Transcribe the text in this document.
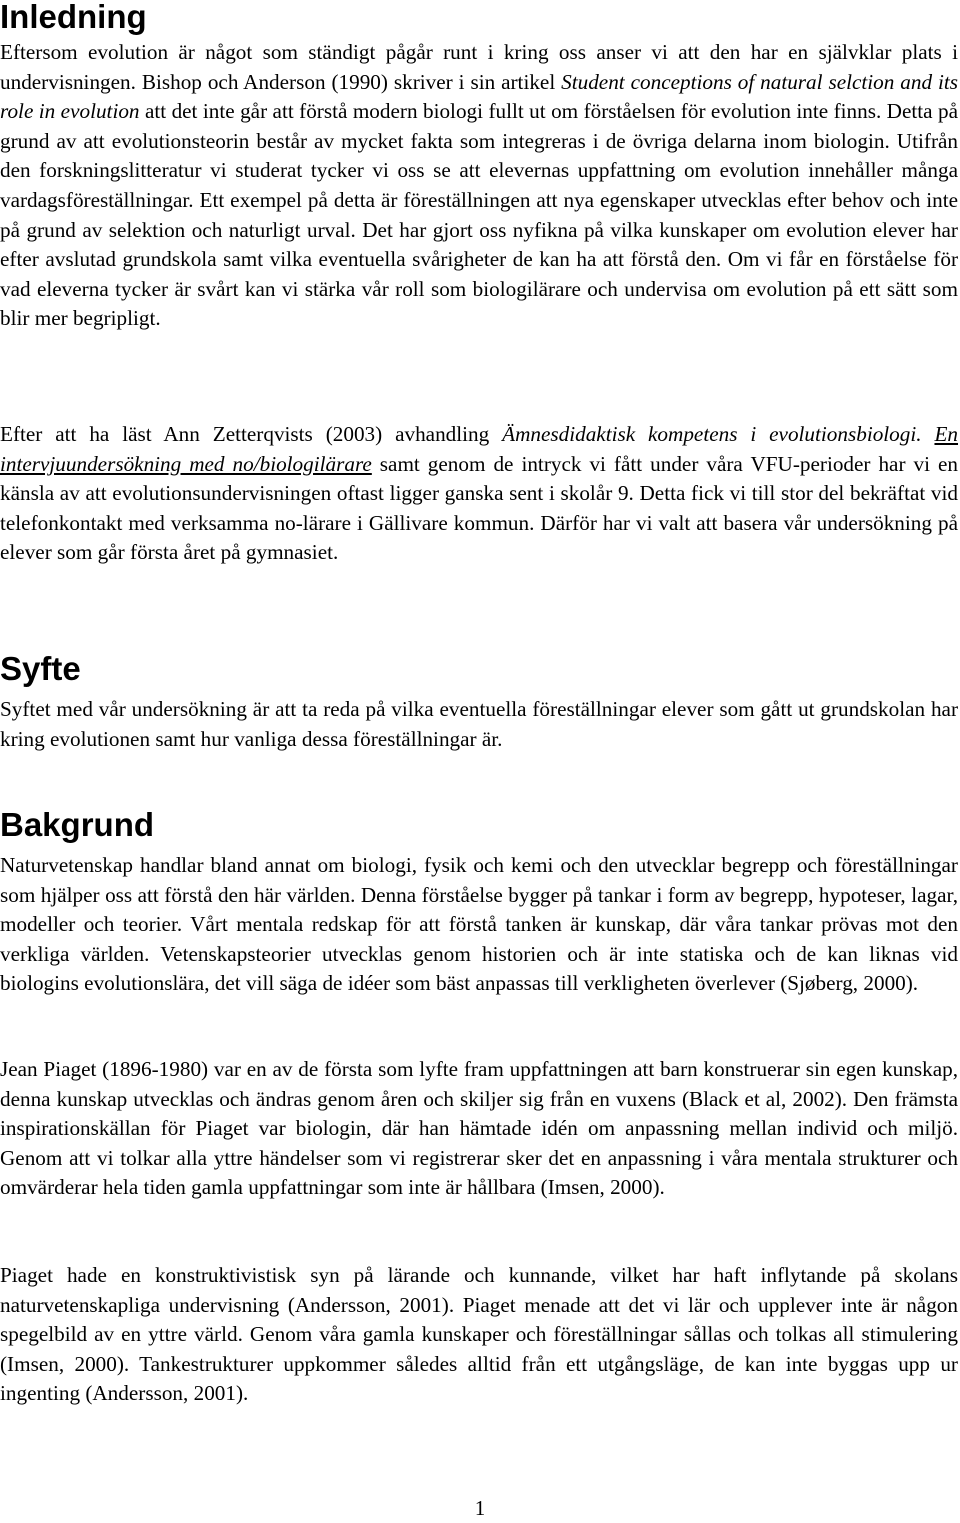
Inledning

Eftersom evolution är något som ständigt pågår runt i kring oss anser vi att den har en självklar plats i undervisningen. Bishop och Anderson (1990) skriver i sin artikel Student conceptions of natural selction and its role in evolution att det inte går att förstå modern biologi fullt ut om förståelsen för evolution inte finns. Detta på grund av att evolutionsteorin består av mycket fakta som integreras i de övriga delarna inom biologin. Utifrån den forskningslitteratur vi studerat tycker vi oss se att elevernas uppfattning om evolution innehåller många vardagsföreställningar. Ett exempel på detta är föreställningen att nya egenskaper utvecklas efter behov och inte på grund av selektion och naturligt urval. Det har gjort oss nyfikna på vilka kunskaper om evolution elever har efter avslutad grundskola samt vilka eventuella svårigheter de kan ha att förstå den. Om vi får en förståelse för vad eleverna tycker är svårt kan vi stärka vår roll som biologilärare och undervisa om evolution på ett sätt som blir mer begripligt.

Efter att ha läst Ann Zetterqvists (2003) avhandling Ämnesdidaktisk kompetens i evolutionsbiologi. En intervjuundersökning med no/biologilärare samt genom de intryck vi fått under våra VFU-perioder har vi en känsla av att evolutionsundervisningen oftast ligger ganska sent i skolår 9. Detta fick vi till stor del bekräftat vid telefonkontakt med verksamma no-lärare i Gällivare kommun. Därför har vi valt att basera vår undersökning på elever som går första året på gymnasiet.

Syfte

Syftet med vår undersökning är att ta reda på vilka eventuella föreställningar elever som gått ut grundskolan har kring evolutionen samt hur vanliga dessa föreställningar är.

Bakgrund

Naturvetenskap handlar bland annat om biologi, fysik och kemi och den utvecklar begrepp och föreställningar som hjälper oss att förstå den här världen. Denna förståelse bygger på tankar i form av begrepp, hypoteser, lagar, modeller och teorier. Vårt mentala redskap för att förstå tanken är kunskap, där våra tankar prövas mot den verkliga världen. Vetenskapsteorier utvecklas genom historien och är inte statiska och de kan liknas vid biologins evolutionslära, det vill säga de idéer som bäst anpassas till verkligheten överlever (Sjøberg, 2000).

Jean Piaget (1896-1980) var en av de första som lyfte fram uppfattningen att barn konstruerar sin egen kunskap, denna kunskap utvecklas och ändras genom åren och skiljer sig från en vuxens (Black et al, 2002). Den främsta inspirationskällan för Piaget var biologin, där han hämtade idén om anpassning mellan individ och miljö. Genom att vi tolkar alla yttre händelser som vi registrerar sker det en anpassning i våra mentala strukturer och omvärderar hela tiden gamla uppfattningar som inte är hållbara (Imsen, 2000).

Piaget hade en konstruktivistisk syn på lärande och kunnande, vilket har haft inflytande på skolans naturvetenskapliga undervisning (Andersson, 2001). Piaget menade att det vi lär och upplever inte är någon spegelbild av en yttre värld. Genom våra gamla kunskaper och föreställningar sållas och tolkas all stimulering (Imsen, 2000). Tankestrukturer uppkommer således alltid från ett utgångsläge, de kan inte byggas upp ur ingenting (Andersson, 2001).

1
